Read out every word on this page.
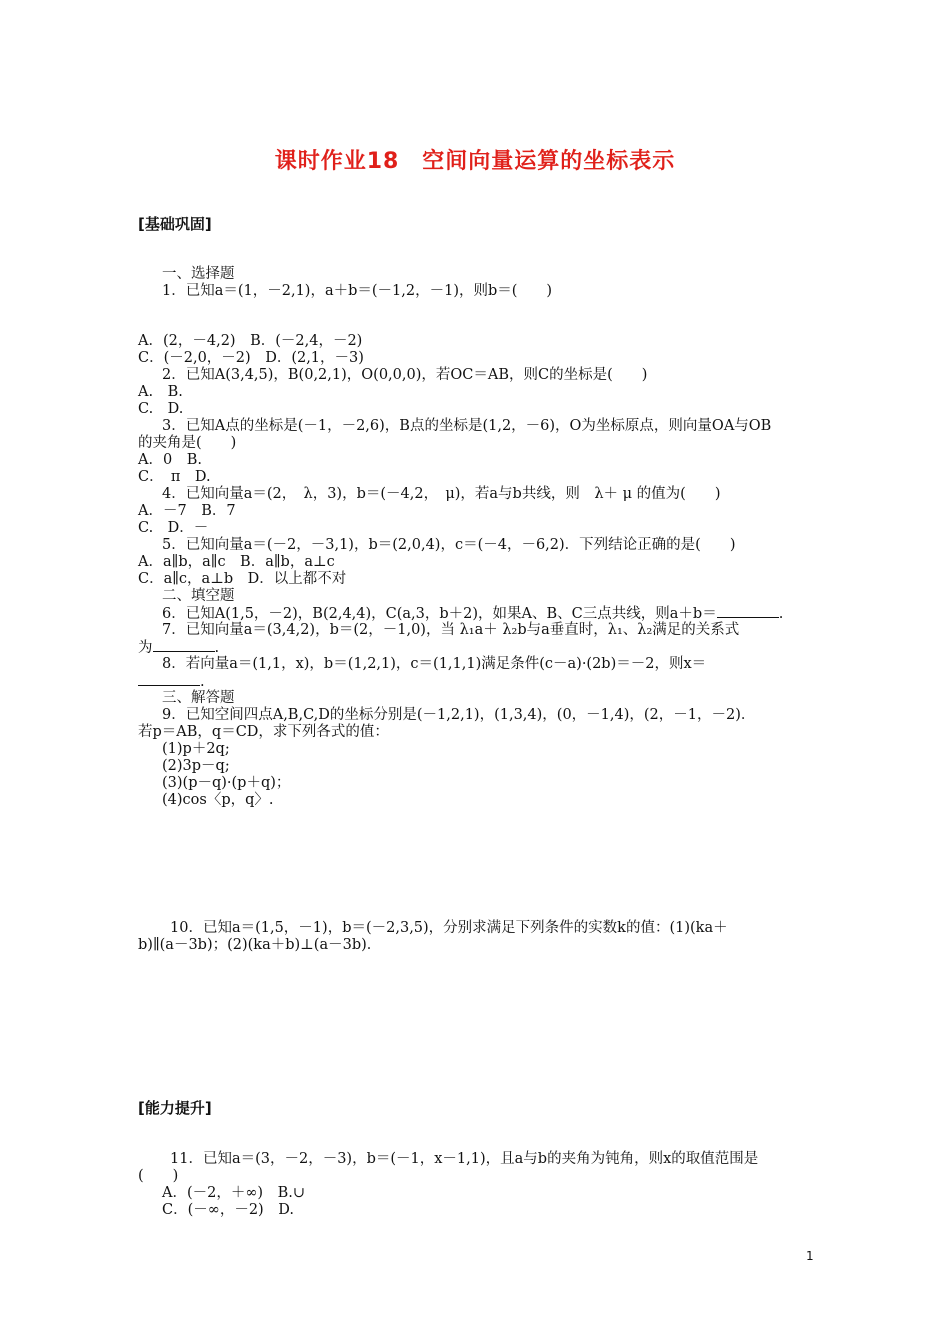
课时作业18　空间向量运算的坐标表示
[基础巩固]
一、选择题
1．已知a＝(1，－2,1)，a＋b＝(－1,2，－1)，则b＝(　　)
A．(2，－4,2)　B．(－2,4，－2)
C．(－2,0，－2)　D．(2,1，－3)
2．已知A(3,4,5)，B(0,2,1)，O(0,0,0)，若OC＝AB，则C的坐标是(　　)
A.　B.
C.　D.
3．已知A点的坐标是(－1，－2,6)，B点的坐标是(1,2，－6)，O为坐标原点，则向量OA与OB
的夹角是(　　)
A．0　B.
C．　π　D.
4．已知向量a＝(2，　λ，3)，b＝(－4,2，　μ)，若a与b共线，则　λ＋ μ 的值为(　　)
A．－7　B．7
C.　D．－
5．已知向量a＝(－2，－3,1)，b＝(2,0,4)，c＝(－4，－6,2)．下列结论正确的是(　　)
A．a∥b，a∥c　B．a∥b，a⊥c
C．a∥c，a⊥b　D．以上都不对
二、填空题
6．已知A(1,5，－2)，B(2,4,4)，C(a,3，b＋2)，如果A、B、C三点共线，则a＋b＝	.
7．已知向量a＝(3,4,2)，b＝(2，－1,0)，当 λ₁a＋ λ₂b与a垂直时，λ₁、λ₂满足的关系式
为	.
8．若向量a＝(1,1，x)，b＝(1,2,1)，c＝(1,1,1)满足条件(c－a)·(2b)＝－2，则x＝
.
三、解答题
9．已知空间四点A,B,C,D的坐标分别是(－1,2,1)，(1,3,4)，(0，－1,4)，(2，－1，－2)．
若p＝AB，q＝CD，求下列各式的值：
(1)p＋2q;
(2)3p－q;
(3)(p－q)·(p＋q)；
(4)cos〈p，q〉.
10．已知a＝(1,5，－1)，b＝(－2,3,5)，分别求满足下列条件的实数k的值：(1)(ka＋
b)∥(a－3b)；(2)(ka＋b)⊥(a－3b)．
[能力提升]
11．已知a＝(3，－2，－3)，b＝(－1，x－1,1)，且a与b的夹角为钝角，则x的取值范围是
(　　)
A．(－2，＋∞)　B.∪
C．(－∞，－2)　D.
1
